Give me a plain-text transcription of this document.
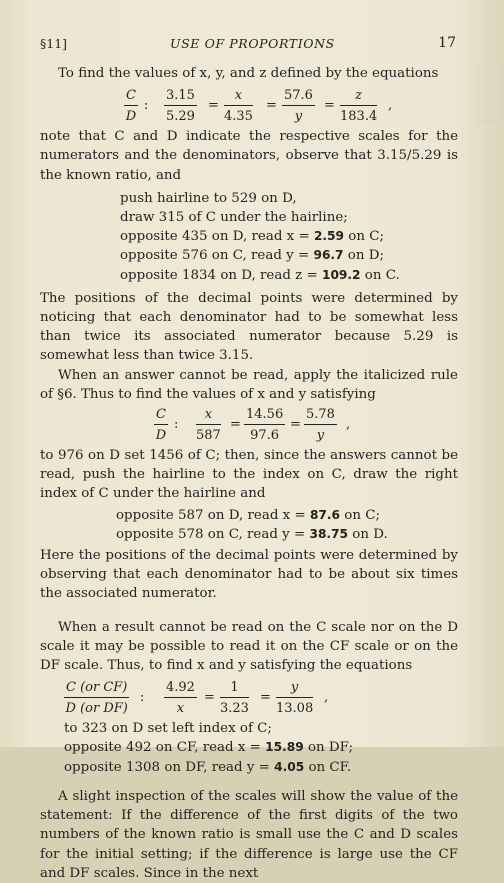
§11]	USE OF PROPORTIONS	17

To find the values of x, y, and z defined by the equations

$\frac{C}{D}$ : $\frac{3.15}{5.29} = \frac{x}{4.35} = \frac{57.6}{y} = \frac{z}{183.4}$ ,

note that C and D indicate the respective scales for the numerators and the denominators, observe that 3.15/5.29 is the known ratio, and

push hairline to 529 on D,
draw 315 of C under the hairline;
opposite 435 on D, read x = 2.59 on C;
opposite 576 on C, read y = 96.7 on D;
opposite 1834 on D, read z = 109.2 on C.

The positions of the decimal points were determined by noticing that each denominator had to be somewhat less than twice its associated numerator because 5.29 is somewhat less than twice 3.15.

When an answer cannot be read, apply the italicized rule of §6. Thus to find the values of x and y satisfying

$\frac{C}{D}$ : $\frac{x}{587} = \frac{14.56}{97.6} = \frac{5.78}{y}$ ,

to 976 on D set 1456 of C; then, since the answers cannot be read, push the hairline to the index on C, draw the right index of C under the hairline and

opposite 587 on D, read x = 87.6 on C;
opposite 578 on C, read y = 38.75 on D.

Here the positions of the decimal points were determined by observing that each denominator had to be about six times the associated numerator.

When a result cannot be read on the C scale nor on the D scale it may be possible to read it on the CF scale or on the DF scale. Thus, to find x and y satisfying the equations

$\frac{\text{C (or CF)}}{\text{D (or DF)}}$ : $\frac{4.92}{x} = \frac{1}{3.23} = \frac{y}{13.08}$ ,
to 323 on D set left index of C;
opposite 492 on CF, read x = 15.89 on DF;
opposite 1308 on DF, read y = 4.05 on CF.

A slight inspection of the scales will show the value of the statement: If the difference of the first digits of the two numbers of the known ratio is small use the C and D scales for the initial setting; if the difference is large use the CF and DF scales. Since in the next
